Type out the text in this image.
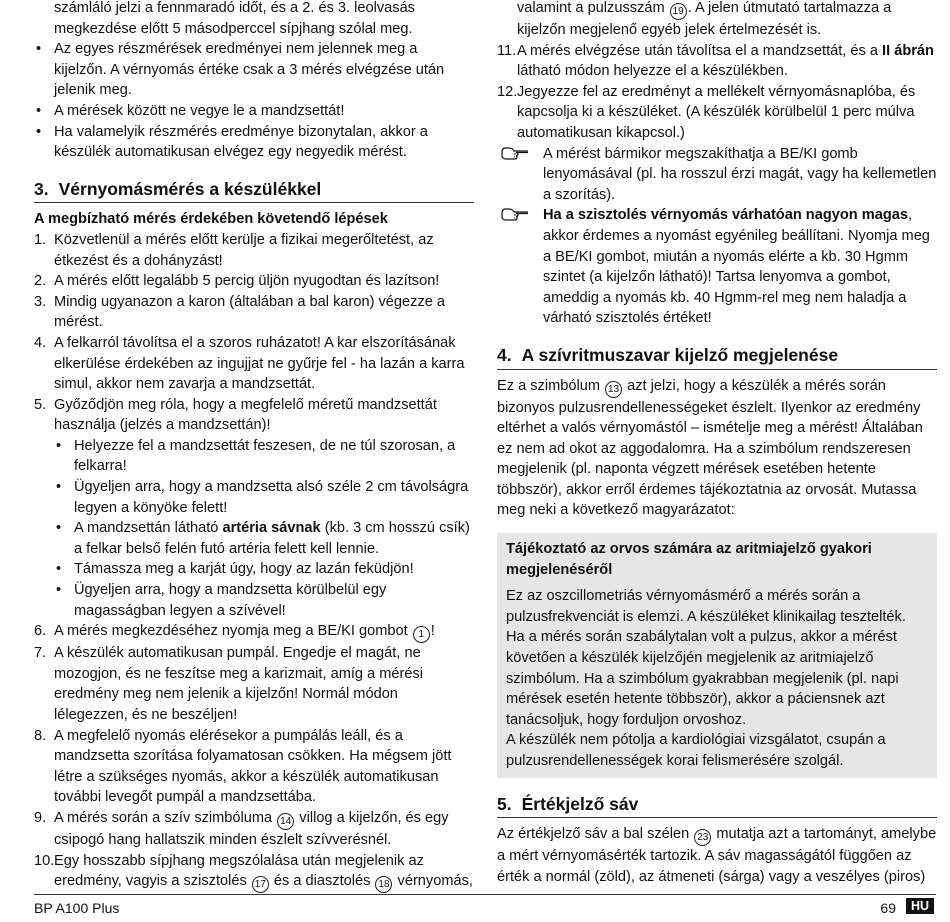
számláló jelzi a fennmaradó időt, és a 2. és 3. leolvasás

megkezdése előtt 5 másodperccel sípjhang szólal meg.

• Az egyes részmérések eredményei nem jelennek meg a kijelzőn. A vérnyomás értéke csak a 3 mérés elvégzése után jelenik meg.

• A mérések között ne vegye le a mandzsettát!

• Ha valamelyik részmérés eredménye bizonytalan, akkor a készülék automatikusan elvégez egy negyedik mérést.

3. Vérnyomásmérés a készülékkel

A megbízható mérés érdekében követendő lépések

1. Közvetlenül a mérés előtt kerülje a fizikai megerőltetést, az étkezést és a dohányzást!

2. A mérés előtt legalább 5 percig üljön nyugodtan és lazítson!

3. Mindig ugyanazon a karon (általában a bal karon) végezze a mérést.

4. A felkarról távolítsa el a szoros ruházatot! A kar elszorításának elkerülése érdekében az ingujjat ne gyűrje fel - ha lazán a karra simul, akkor nem zavarja a mandzsettát.

5. Győződjön meg róla, hogy a megfelelő méretű mandzsettát használja (jelzés a mandzsettán)!

• Helyezze fel a mandzsettát feszesen, de ne túl szorosan, a felkarra!

• Ügyeljen arra, hogy a mandzsetta alsó széle 2 cm távolságra legyen a könyöke felett!

• A mandzsettán látható artéria sávnak (kb. 3 cm hosszú csík) a felkar belső felén futó artéria felett kell lennie.

• Támassza meg a karját úgy, hogy az lazán feküdjön!

• Ügyeljen arra, hogy a mandzsetta körülbelül egy magasságban legyen a szívével!

6. A mérés megkezdéséhez nyomja meg a BE/KI gombot 1 !

7. A készülék automatikusan pumpál. Engedje el magát, ne mozogjon, és ne feszítse meg a karizmait, amíg a mérési eredmény meg nem jelenik a kijelzőn! Normál módon lélegezzen, és ne beszéljen!

8. A megfelelő nyomás elérésekor a pumpálás leáll, és a mandzsetta szorítása folyamatosan csökken. Ha mégsem jött létre a szükséges nyomás, akkor a készülék automatikusan további levegőt pumpál a mandzsettába.

9. A mérés során a szív szimbóluma 14 villog a kijelzőn, és egy csipogó hang hallatszik minden észlelt szívverésnél.

10. Egy hosszabb sípjhang megszólalása után megjelenik az eredmény, vagyis a szisztolés 17 és a diasztolés 18 vérnyomás,

valamint a pulzusszám 19 . A jelen útmutató tartalmazza a kijelzőn megjelenő egyéb jelek értelmezését is.

11. A mérés elvégzése után távolítsa el a mandzsettát, és a II ábrán látható módon helyezze el a készülékben.

12. Jegyezze fel az eredményt a mellékelt vérnyomásnaplóba, és kapcsolja ki a készüléket. (A készülék körülbelül 1 perc múlva automatikusan kikapcsol.)

A mérést bármikor megszakíthatja a BE/KI gomb lenyomásával (pl. ha rosszul érzi magát, vagy ha kellemetlen a szorítás).

Ha a szisztolés vérnyomás várhatóan nagyon magas, akkor érdemes a nyomást egyénileg beállítani. Nyomja meg a BE/KI gombot, miután a nyomás elérte a kb. 30 Hgmm szintet (a kijelzőn látható)! Tartsa lenyomva a gombot, ameddig a nyomás kb. 40 Hgmm-rel meg nem haladja a várható szisztolés értéket!

4. A szívritmuszavar kijelző megjelenése

Ez a szimbólum 13 azt jelzi, hogy a készülék a mérés során bizonyos pulzusrendellenességeket észlelt. Ilyenkor az eredmény eltérhet a valós vérnyomástól – ismételje meg a mérést! Általában ez nem ad okot az aggodalomra. Ha a szimbólum rendszeresen megjelenik (pl. naponta végzett mérések esetében hetente többször), akkor erről érdemes tájékoztatnia az orvosát. Mutassa meg neki a következő magyarázatot:

Tájékoztató az orvos számára az aritmiajelző gyakori megjelenéséről

Ez az oszcillometriás vérnyomásmérő a mérés során a pulzusfrekvenciát is elemzi. A készüléket klinikailag tesztelték.

Ha a mérés során szabálytalan volt a pulzus, akkor a mérést követően a készülék kijelzőjén megjelenik az aritmiajelző szimbólum. Ha a szimbólum gyakrabban megjelenik (pl. napi mérések esetén hetente többször), akkor a páciensnek azt tanácsoljuk, hogy forduljon orvoshoz.

A készülék nem pótolja a kardiológiai vizsgálatot, csupán a pulzusrendellenességek korai felismerésére szolgál.

5. Értékjelző sáv

Az értékjelző sáv a bal szélen 23 mutatja azt a tartományt, amelybe a mért vérnyomásérték tartozik. A sáv magasságától függően az érték a normál (zöld), az átmeneti (sárga) vagy a veszélyes (piros)

BP A100 Plus	69	HU
